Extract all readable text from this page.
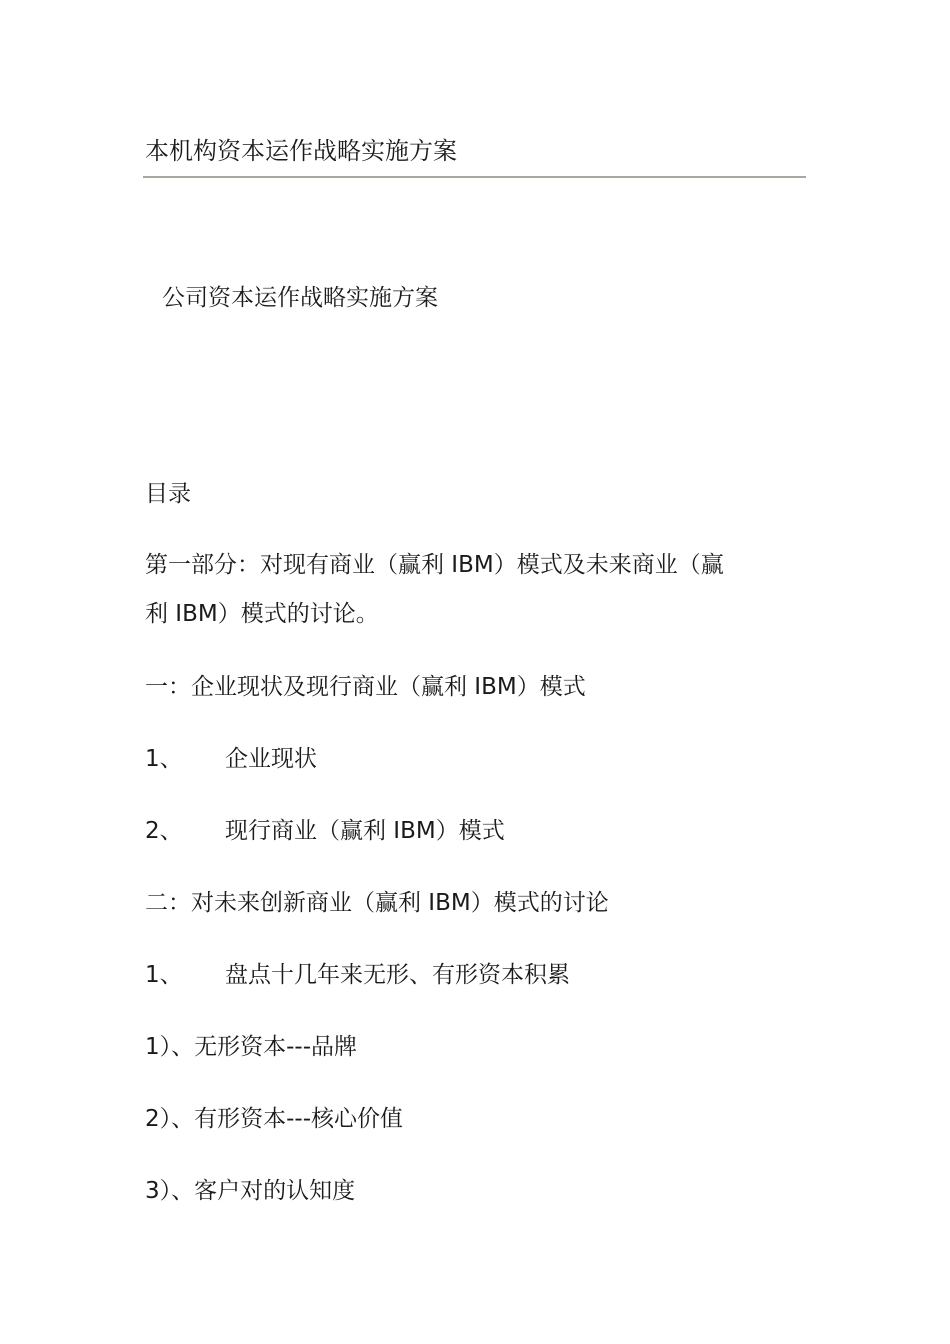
本机构资本运作战略实施方案
公司资本运作战略实施方案
目录
第一部分：对现有商业（赢利 IBM）模式及未来商业（赢
利 IBM）模式的讨论。
一：企业现状及现行商业（赢利 IBM）模式
1、 企业现状
2、 现行商业（赢利 IBM）模式
二：对未来创新商业（赢利 IBM）模式的讨论
1、 盘点十几年来无形、有形资本积累
1）、无形资本---品牌
2）、有形资本---核心价值
3）、客户对的认知度
